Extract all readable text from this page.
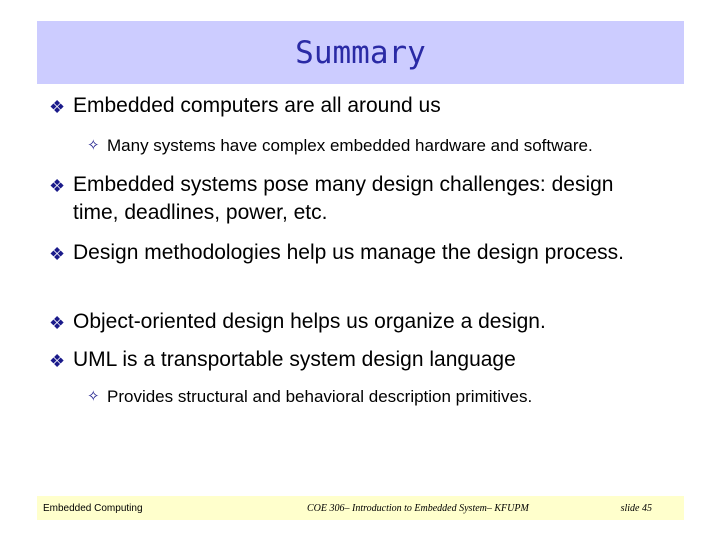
Summary
❖ Embedded computers are all around us
✧ Many systems have complex embedded hardware and software.
❖ Embedded systems pose many design challenges: design time, deadlines, power, etc.
❖ Design methodologies help us manage the design process.
❖ Object-oriented design helps us organize a design.
❖ UML is a transportable system design language
✧ Provides structural and behavioral description primitives.
Embedded Computing	COE 306– Introduction to Embedded System– KFUPM	slide 45
